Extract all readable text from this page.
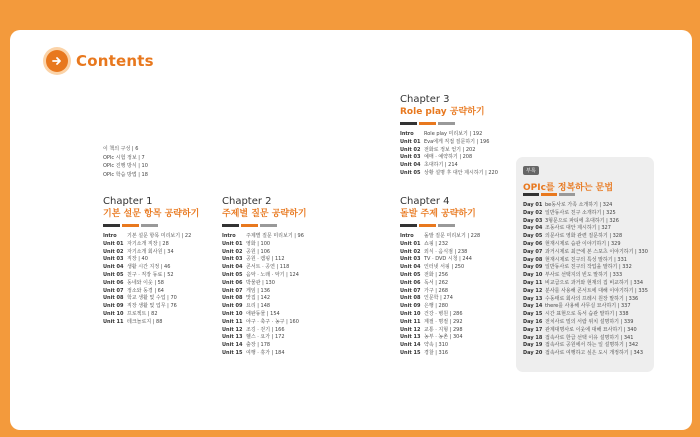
Contents
이 책의 구성 | 6
OPIc 시험 정보 | 7
OPIc 진행 방식 | 10
OPIc 학습 방법 | 18
Chapter 1
기본 설문 항목 공략하기
Intro 기본 설문 항목 미리보기 | 22
Unit 01 자기소개 직장 | 28
Unit 02 자기소개 회사원 | 34
Unit 03 직장 | 40
Unit 04 생활 시간 지정 | 46
Unit 05 친구 · 직장 동료 | 52
Unit 06 동네와 이웃 | 58
Unit 07 정소와 동경 | 64
Unit 08 학교 생활 및 수업 | 70
Unit 09 직장 생활 및 업무 | 76
Unit 10 프로젝트 | 82
Unit 11 테크놀로지 | 88
Chapter 2
주제별 질문 공략하기
Intro 주제별 질문 미리보기 | 96
Unit 01 영화 | 100
Unit 02 공원 | 106
Unit 03 공원 · 캠핑 | 112
Unit 04 콘서트 · 공연 | 118
Unit 05 음악 · 노래 · 악기 | 124
Unit 06 박물관 | 130
Unit 07 게임 | 136
Unit 08 맛집 | 142
Unit 09 요리 | 148
Unit 10 애완동물 | 154
Unit 11 야구 · 축구 · 농구 | 160
Unit 12 조깅 · 걷기 | 166
Unit 13 헬스 · 요가 | 172
Unit 14 출장 | 178
Unit 15 여행 · 휴가 | 184
Chapter 3
Role play 공략하기
Intro Role play 미리보기 | 192
Unit 01 Eva에게 직접 질문하기 | 196
Unit 02 전화로 정보 얻기 | 202
Unit 03 예매 · 예약하기 | 208
Unit 04 초대하기 | 214
Unit 05 상황 설명 후 대안 제시하기 | 220
Chapter 4
돌발 주제 공략하기
Intro 돌발 질문 미리보기 | 228
Unit 01 쇼핑 | 232
Unit 02 외식 · 음식점 | 238
Unit 03 TV · DVD 시청 | 244
Unit 04 인터넷 서핑 | 250
Unit 05 전화 | 256
Unit 06 독서 | 262
Unit 07 가구 | 268
Unit 08 인문학 | 274
Unit 09 은행 | 280
Unit 10 건강 · 병원 | 286
Unit 11 계절 · 명절 | 292
Unit 12 교통 · 지형 | 298
Unit 13 농부 · 농촌 | 304
Unit 14 약속 | 310
Unit 15 경찰 | 316
부록
OPIc를 정복하는 문법
Day 01 be동사로 가족 소개하기 | 324
Day 02 일반동사로 친구 소개하기 | 325
Day 03 3형문으로 파티에 초대하기 | 326
Day 04 조동사로 대안 제시하기 | 327
Day 05 의문사로 영화 관련 질문하기 | 328
Day 06 현재시제로 습관 이야기하기 | 329
Day 07 과거시제로 최근에 본 스포츠 이야기하기 | 330
Day 08 현재시제로 친구의 특성 말하기 | 331
Day 09 일반동사로 친구의 작업을 말하기 | 332
Day 10 부사로 선택지의 빈도 말하기 | 333
Day 11 비교급으로 과거와 현재의 집 비교하기 | 334
Day 12 분사를 사용해 콘서트에 대해 이야기하기 | 335
Day 13 수동태로 회사의 프레시 원장 말하기 | 336
Day 14 there를 사용해 사무실 묘사하기 | 337
Day 15 시간 표현으로 독서 습관 말하기 | 338
Day 16 전치사로 밀의 서랍 위치 설명하기 | 339
Day 17 관계대명사로 이웃에 대해 묘사하기 | 340
Day 18 접속사로 한급 선택 이유 설명하기 | 341
Day 19 접속사로 공원에서 하는 일 설명하기 | 342
Day 20 접속사로 여행하고 싶은 도시 개정하기 | 343
